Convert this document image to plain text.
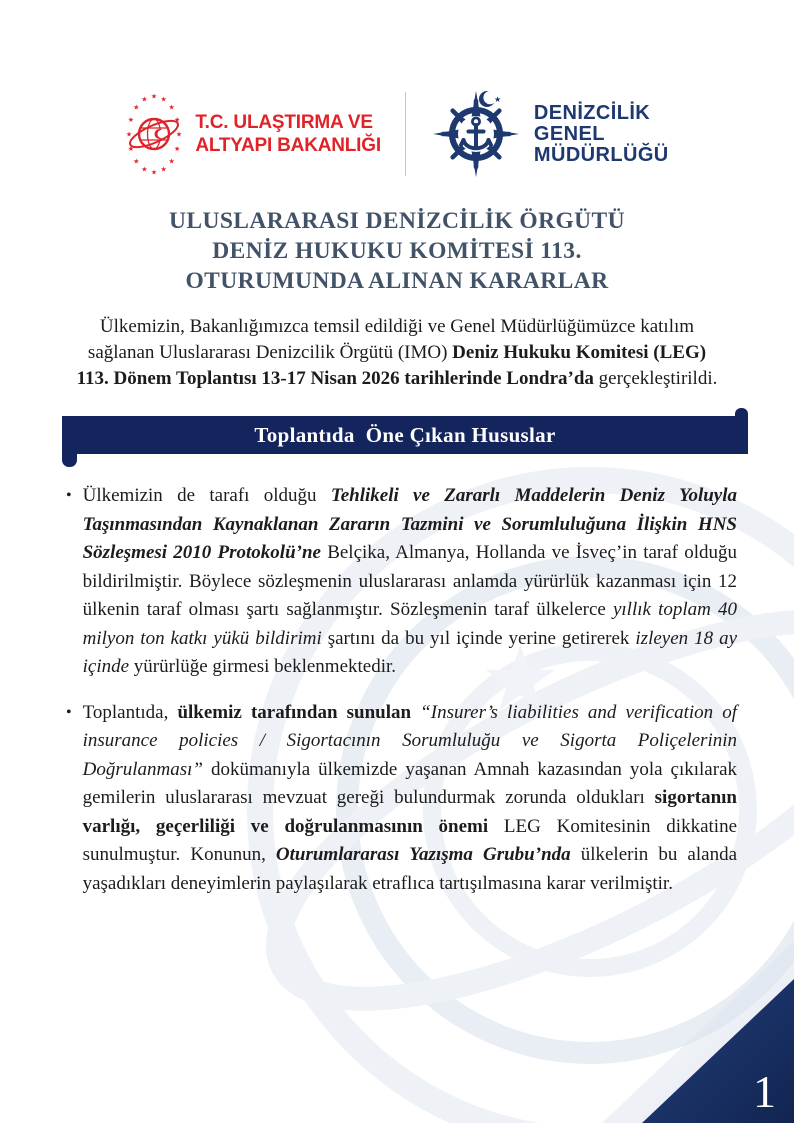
★
★
★
★
★
★
★
★
★
★
★
★
★ ★ ★
★
★ T.C. ULAŞTIRMA VE
ALTYAPI BAKANLIĞI
★
DENİZCİLİK
GENEL
MÜDÜRLÜĞÜ
ULUSLARARASI DENİZCİLİK ÖRGÜTÜ
DENİZ HUKUKU KOMİTESİ 113.
OTURUMUNDA ALINAN KARARLAR

Ülkemizin, Bakanlığımızca temsil edildiği ve Genel Müdürlüğümüzce katılım sağlanan Uluslararası Denizcilik Örgütü (IMO) Deniz Hukuku Komitesi (LEG) 113. Dönem Toplantısı 13-17 Nisan 2026 tarihlerinde Londra’da gerçekleştirildi.

Toplantıda  Öne Çıkan Hususlar
• Ülkemizin de tarafı olduğu Tehlikeli ve Zararlı Maddelerin Deniz Yoluyla Taşınmasından Kaynaklanan Zararın Tazmini ve Sorumluluğuna İlişkin HNS Sözleşmesi 2010 Protokolü’ne Belçika, Almanya, Hollanda ve İsveç’in taraf olduğu bildirilmiştir. Böylece sözleşmenin uluslararası anlamda yürürlük kazanması için 12 ülkenin taraf olması şartı sağlanmıştır. Sözleşmenin taraf ülkelerce yıllık toplam 40 milyon ton katkı yükü bildirimi şartını da bu yıl içinde yerine getirerek izleyen 18 ay içinde yürürlüğe girmesi beklenmektedir.
• Toplantıda, ülkemiz tarafından sunulan “Insurer’s liabilities and verification of insurance policies / Sigortacının Sorumluluğu ve Sigorta Poliçelerinin Doğrulanması” dokümanıyla ülkemizde yaşanan Amnah kazasından yola çıkılarak gemilerin uluslararası mevzuat gereği bulundurmak zorunda oldukları sigortanın varlığı, geçerliliği ve doğrulanmasının önemi LEG Komitesinin dikkatine sunulmuştur. Konunun, Oturumlararası Yazışma Grubu’nda ülkelerin bu alanda yaşadıkları deneyimlerin paylaşılarak etraflıca tartışılmasına karar verilmiştir.
1
